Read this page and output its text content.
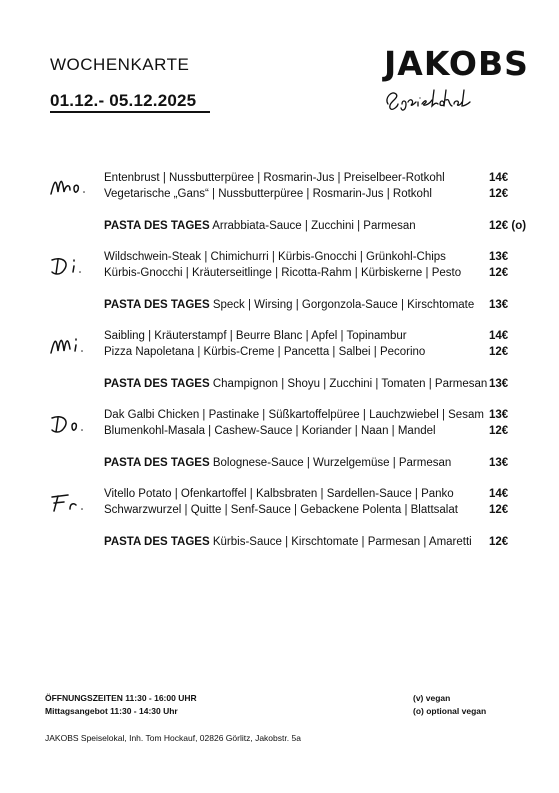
WOCHENKARTE
01.12.- 05.12.2025
JAKOBS
Entenbrust | Nussbutterpüree | Rosmarin-Jus | Preiselbeer-Rotkohl	14€
Vegetarische „Gans“ | Nussbutterpüree | Rosmarin-Jus | Rotkohl	12€
PASTA DES TAGES Arrabbiata-Sauce | Zucchini | Parmesan	12€ (o)
Wildschwein-Steak | Chimichurri | Kürbis-Gnocchi | Grünkohl-Chips	13€
Kürbis-Gnocchi | Kräuterseitlinge | Ricotta-Rahm | Kürbiskerne | Pesto 12€
PASTA DES TAGES Speck | Wirsing | Gorgonzola-Sauce | Kirschtomate 13€
Saibling | Kräuterstampf | Beurre Blanc | Apfel | Topinambur	14€
Pizza Napoletana | Kürbis-Creme | Pancetta | Salbei | Pecorino	12€
PASTA DES TAGES Champignon | Shoyu | Zucchini | Tomaten | Parmesan 13€
Dak Galbi Chicken | Pastinake | Süßkartoffelpüree | Lauchzwiebel | Sesam 13€
Blumenkohl-Masala | Cashew-Sauce | Koriander | Naan | Mandel	12€
PASTA DES TAGES Bolognese-Sauce | Wurzelgemüse | Parmesan	13€
Vitello Potato | Ofenkartoffel | Kalbsbraten | Sardellen-Sauce | Panko	14€
Schwarzwurzel | Quitte | Senf-Sauce | Gebackene Polenta | Blattsalat	12€
PASTA DES TAGES Kürbis-Sauce | Kirschtomate | Parmesan | Amaretti 12€
ÖFFNUNGSZEITEN 11:30 - 16:00 UHR
Mittagsangebot 11:30 - 14:30 Uhr
(v) vegan
(o) optional vegan
JAKOBS Speiselokal, Inh. Tom Hockauf, 02826 Görlitz, Jakobstr. 5a
